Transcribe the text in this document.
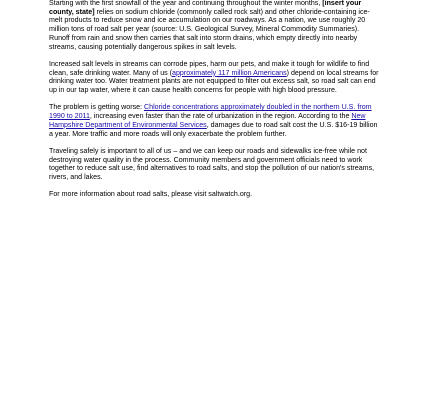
Starting with the first snowfall of the year and continuing throughout the winter months, [insert your county, state] relies on sodium chloride (commonly called rock salt) and other chloride-containing ice-melt products to reduce snow and ice accumulation on our roadways. As a nation, we use roughly 20 million tons of road salt per year (source: U.S. Geological Survey, Mineral Commodity Summaries). Runoff from rain and snow then carries that salt into storm drains, which empty directly into nearby streams, causing potentially dangerous spikes in salt levels.

Increased salt levels in streams can corrode pipes, harm our pets, and make it tough for wildlife to find clean, safe drinking water. Many of us (approximately 117 million Americans) depend on local streams for drinking water too. Water treatment plants are not equipped to filter out excess salt, so road salt can end up in our tap water, where it can cause health concerns for people with high blood pressure.

The problem is getting worse: Chloride concentrations approximately doubled in the northern U.S. from 1990 to 2011, increasing even faster than the rate of urbanization in the region. According to the New Hampshire Department of Environmental Services, damages due to road salt cost the U.S. $16-19 billion a year. More traffic and more roads will only exacerbate the problem further.

Traveling safely is important to all of us – and we can keep our roads and sidewalks ice-free while not destroying water quality in the process. Community members and government officials need to work together to reduce salt use, find alternatives to road salts, and stop the pollution of our nation's streams, rivers, and lakes.

For more information about road salts, please visit saltwatch.org.
